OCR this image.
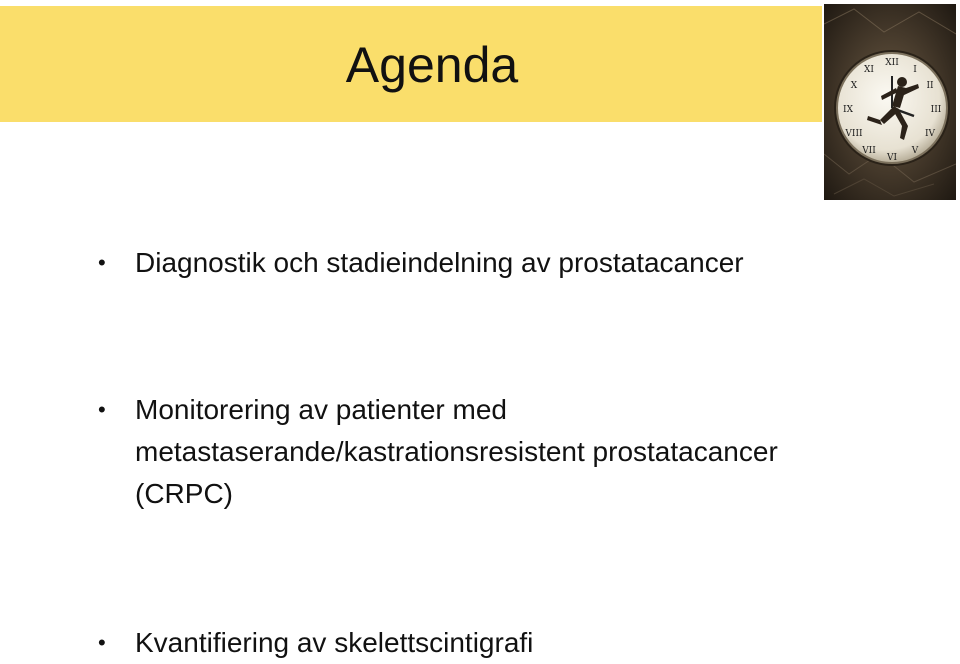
Agenda	XII
III
VI
IX
I
II
IV
V
VII
VIII
X
XI
• Diagnostik och stadieindelning av prostatacancer
• Monitorering av patienter med
metastaserande/kastrationsresistent prostatacancer
(CRPC)
• Kvantifiering av skelettscintigrafi
